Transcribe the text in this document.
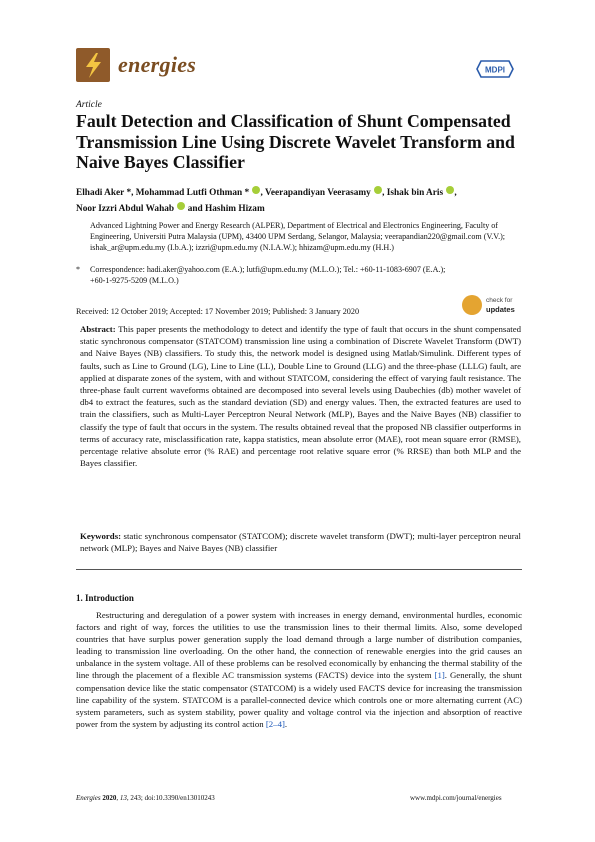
energies	MDPI
Article
Fault Detection and Classification of Shunt Compensated Transmission Line Using Discrete Wavelet Transform and Naive Bayes Classifier
Elhadi Aker *, Mohammad Lutfi Othman * , Veerapandiyan Veerasamy , Ishak bin Aris ,
Noor Izzri Abdul Wahab  and Hashim Hizam
Advanced Lightning Power and Energy Research (ALPER), Department of Electrical and Electronics Engineering, Faculty of Engineering, Universiti Putra Malaysia (UPM), 43400 UPM Serdang, Selangor, Malaysia; veerapandian220@gmail.com (V.V.); ishak_ar@upm.edu.my (I.b.A.); izzri@upm.edu.my (N.I.A.W.); hhizam@upm.edu.my (H.H.)
* Correspondence: hadi.aker@yahoo.com (E.A.); lutfi@upm.edu.my (M.L.O.); Tel.: +60-11-1083-6907 (E.A.);
+60-1-9275-5209 (M.L.O.)
Received: 12 October 2019; Accepted: 17 November 2019; Published: 3 January 2020
check for
updates
Abstract: This paper presents the methodology to detect and identify the type of fault that occurs in the shunt compensated static synchronous compensator (STATCOM) transmission line using a combination of Discrete Wavelet Transform (DWT) and Naive Bayes (NB) classifiers. To study this, the network model is designed using Matlab/Simulink. Different types of faults, such as Line to Ground (LG), Line to Line (LL), Double Line to Ground (LLG) and the three-phase (LLLG) fault, are applied at disparate zones of the system, with and without STATCOM, considering the effect of varying fault resistance. The three-phase fault current waveforms obtained are decomposed into several levels using Daubechies (db) mother wavelet of db4 to extract the features, such as the standard deviation (SD) and energy values. Then, the extracted features are used to train the classifiers, such as Multi-Layer Perceptron Neural Network (MLP), Bayes and the Naive Bayes (NB) classifier to classify the type of fault that occurs in the system. The results obtained reveal that the proposed NB classifier outperforms in terms of accuracy rate, misclassification rate, kappa statistics, mean absolute error (MAE), root mean square error (RMSE), percentage relative absolute error (% RAE) and percentage root relative square error (% RRSE) than both MLP and the Bayes classifier.
Keywords: static synchronous compensator (STATCOM); discrete wavelet transform (DWT); multi-layer perceptron neural network (MLP); Bayes and Naive Bayes (NB) classifier
1. Introduction
Restructuring and deregulation of a power system with increases in energy demand, environmental hurdles, economic factors and right of way, forces the utilities to use the transmission lines to their thermal limits. Also, some developed countries that have surplus power generation supply the load demand through a large number of distribution companies, leading to transmission line overloading. On the other hand, the connection of renewable energies into the grid causes an unbalance in the system voltage. All of these problems can be resolved economically by enhancing the thermal stability of the line through the placement of a flexible AC transmission systems (FACTS) device into the system [1]. Generally, the shunt compensation device like the static compensator (STATCOM) is a widely used FACTS device for increasing the transmission line capability of the system. STATCOM is a parallel-connected device which controls one or more alternating current (AC) system parameters, such as system stability, power quality and voltage control via the injection and absorption of reactive power from the system by adjusting its control action [2–4].
Energies 2020, 13, 243; doi:10.3390/en13010243	www.mdpi.com/journal/energies
